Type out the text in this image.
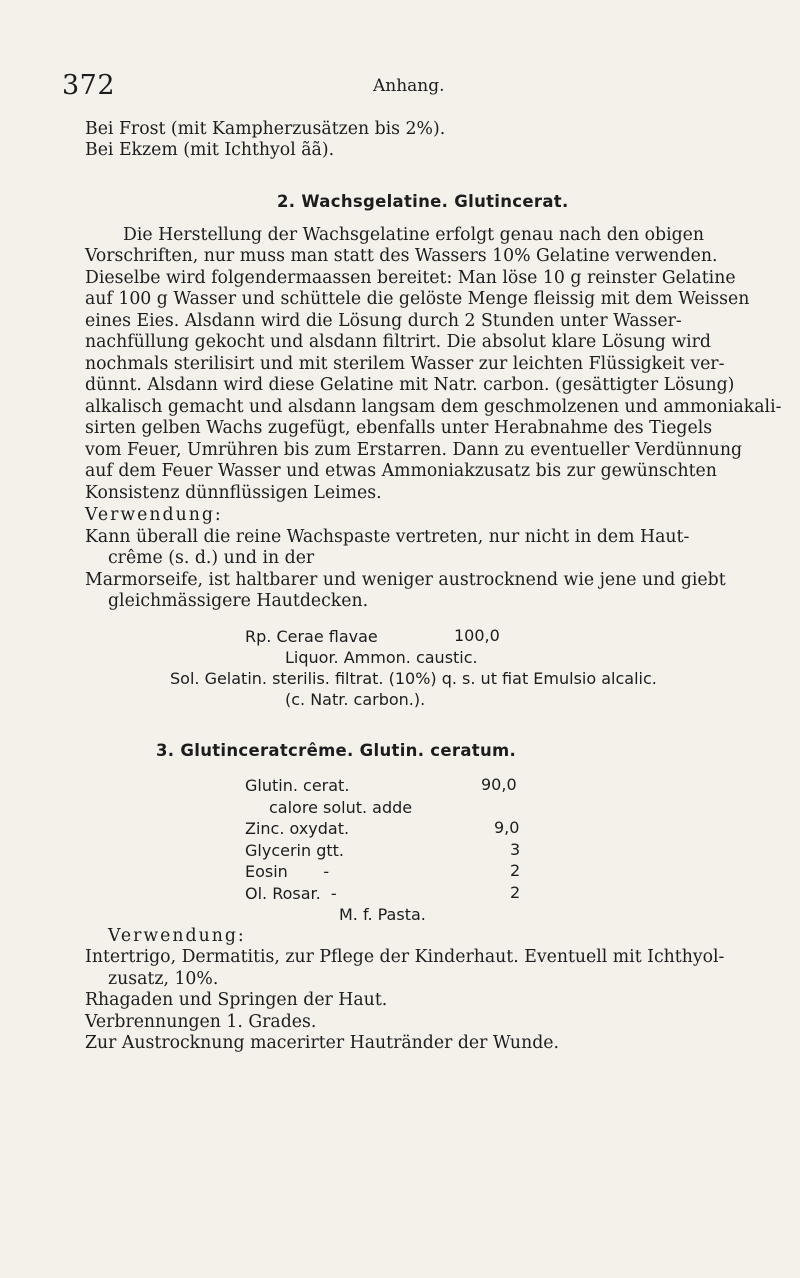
372	Anhang.
Bei Frost (mit Kampherzusätzen bis 2%).
Bei Ekzem (mit Ichthyol ãã).
2. Wachsgelatine. Glutincerat.
Die Herstellung der Wachsgelatine erfolgt genau nach den obigen
Vorschriften, nur muss man statt des Wassers 10% Gelatine verwenden.
Dieselbe wird folgendermaassen bereitet: Man löse 10 g reinster Gelatine
auf 100 g Wasser und schüttele die gelöste Menge fleissig mit dem Weissen
eines Eies. Alsdann wird die Lösung durch 2 Stunden unter Wasser-
nachfüllung gekocht und alsdann filtrirt. Die absolut klare Lösung wird
nochmals sterilisirt und mit sterilem Wasser zur leichten Flüssigkeit ver-
dünnt. Alsdann wird diese Gelatine mit Natr. carbon. (gesättigter Lösung)
alkalisch gemacht und alsdann langsam dem geschmolzenen und ammoniakali-
sirten gelben Wachs zugefügt, ebenfalls unter Herabnahme des Tiegels
vom Feuer, Umrühren bis zum Erstarren. Dann zu eventueller Verdünnung
auf dem Feuer Wasser und etwas Ammoniakzusatz bis zur gewünschten
Konsistenz dünnflüssigen Leimes.
Verwendung:
Kann überall die reine Wachspaste vertreten, nur nicht in dem Haut-
crême (s. d.) und in der
Marmorseife, ist haltbarer und weniger austrocknend wie jene und giebt
gleichmässigere Hautdecken.
Rp. Cerae flavae	100,0
Liquor. Ammon. caustic.
Sol. Gelatin. sterilis. filtrat. (10%) q. s. ut fiat Emulsio alcalic.
(c. Natr. carbon.).
3. Glutinceratcrême. Glutin. ceratum.
Glutin. cerat.	90,0
calore solut. adde
Zinc. oxydat.	9,0
Glycerin gtt.	3
Eosin       -	2
Ol. Rosar.  -	2
M. f. Pasta.
Verwendung:
Intertrigo, Dermatitis, zur Pflege der Kinderhaut. Eventuell mit Ichthyol-
zusatz, 10%.
Rhagaden und Springen der Haut.
Verbrennungen 1. Grades.
Zur Austrocknung macerirter Hautränder der Wunde.
